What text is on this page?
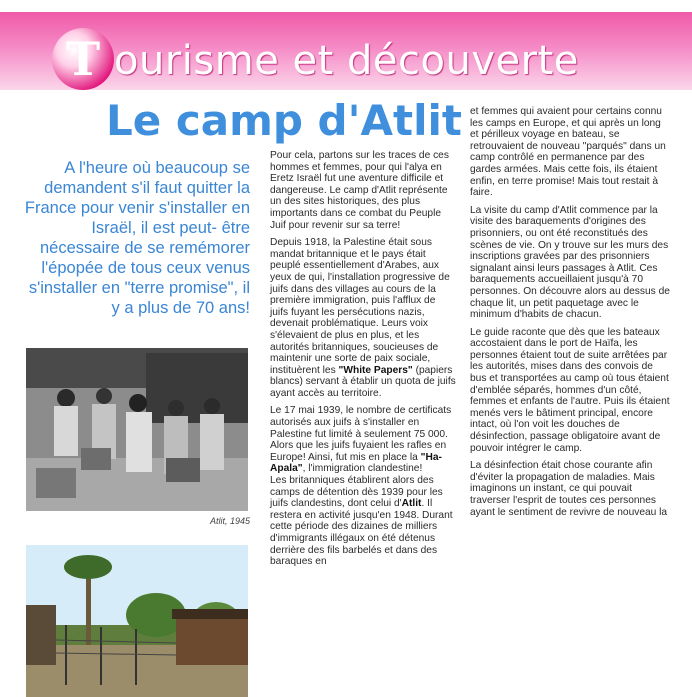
T ourisme et découverte
Le camp d'Atlit
A l'heure où beaucoup se demandent s'il faut quitter la France pour venir s'installer en Israël, il est peut- être nécessaire de se remémorer l'épopée de tous ceux venus s'installer en "terre promise", il y a plus de 70 ans!
Atlit, 1945

Pour cela, partons sur les traces de ces hommes et femmes, pour qui l'alya en Eretz Israël fut une aventure difficile et dangereuse. Le camp d'Atlit représente un des sites historiques, des plus importants dans ce combat du Peuple Juif pour revenir sur sa terre!

Depuis 1918, la Palestine était sous mandat britannique et le pays était peuplé essentiellement d'Arabes, aux yeux de qui, l'installation progressive de juifs dans des villages au cours de la première immigration, puis l'afflux de juifs fuyant les persécutions nazis, devenait problématique. Leurs voix s'élevaient de plus en plus, et les autorités britanniques, soucieuses de maintenir une sorte de paix sociale, instituèrent les "White Papers" (papiers blancs) servant à établir un quota de juifs ayant accès au territoire.

Le 17 mai 1939, le nombre de certificats autorisés aux juifs à s'installer en Palestine fut limité à seulement 75 000. Alors que les juifs fuyaient les rafles en Europe! Ainsi, fut mis en place la "Ha-Apala", l'immigration clandestine!
Les britanniques établirent alors des camps de détention dès 1939 pour les juifs clandestins, dont celui d'Atlit. Il restera en activité jusqu'en 1948. Durant cette période des dizaines de milliers d'immigrants illégaux on été détenus derrière des fils barbelés et dans des baraques en

et femmes qui avaient pour certains connu les camps en Europe, et qui après un long et périlleux voyage en bateau, se retrouvaient de nouveau "parqués" dans un camp contrôlé en permanence par des gardes armées. Mais cette fois, ils étaient enfin, en terre promise! Mais tout restait à faire.

La visite du camp d'Atlit commence par la visite des baraquements d'origines des prisonniers, ou ont été reconstitués des scènes de vie. On y trouve sur les murs des inscriptions gravées par des prisonniers signalant ainsi leurs passages à Atlit. Ces baraquements accueillaient jusqu'à 70 personnes. On découvre alors au dessus de chaque lit, un petit paquetage avec le minimum d'habits de chacun.

Le guide raconte que dès que les bateaux accostaient dans le port de Haïfa, les personnes étaient tout de suite arrêtées par les autorités, mises dans des convois de bus et transportées au camp où tous étaient d'emblée séparés, hommes d'un côté, femmes et enfants de l'autre. Puis ils étaient menés vers le bâtiment principal, encore intact, où l'on voit les douches de désinfection, passage obligatoire avant de pouvoir intégrer le camp.

La désinfection était chose courante afin d'éviter la propagation de maladies. Mais imaginons un instant, ce qui pouvait traverser l'esprit de toutes ces personnes ayant le sentiment de revivre de nouveau la
